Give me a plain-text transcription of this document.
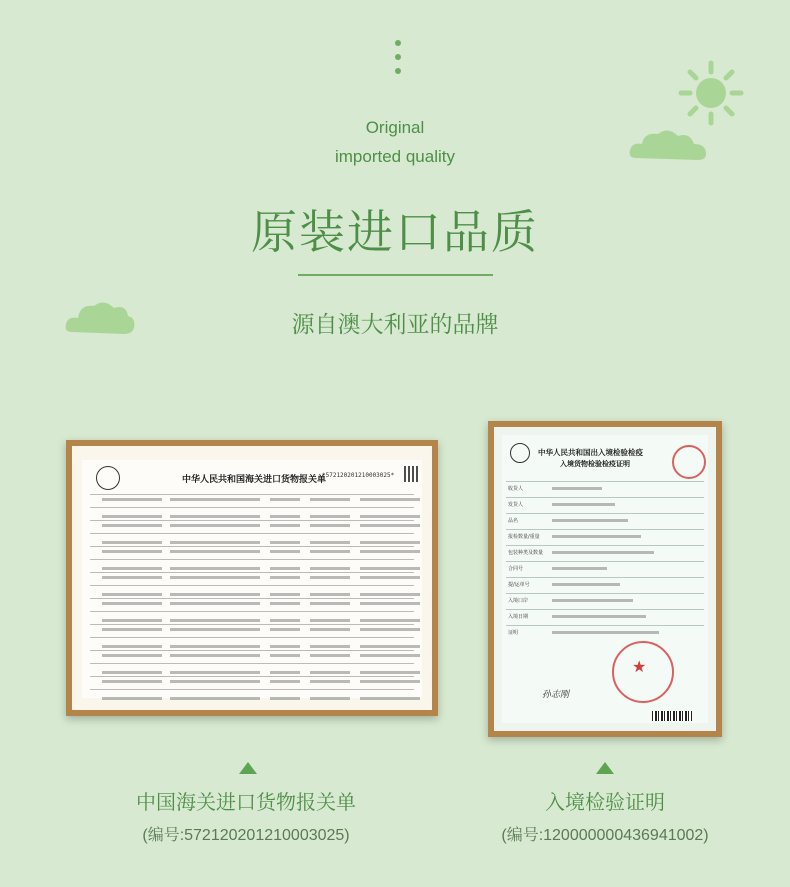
Original
imported quality
原装进口品质
源自澳大利亚的品牌
中华人民共和国海关进口货物报关单
*572120201210003025*
中华人民共和国出入境检验检疫
入境货物检验检疫证明
收货人
发货人
品名
报检数量/重量
包装种类及数量
合同号
提/运单号
入境口岸
入境日期
证明
★
孙志刚
中国海关进口货物报关单
(编号:572120201210003025)
入境检验证明
(编号:120000000436941002)
